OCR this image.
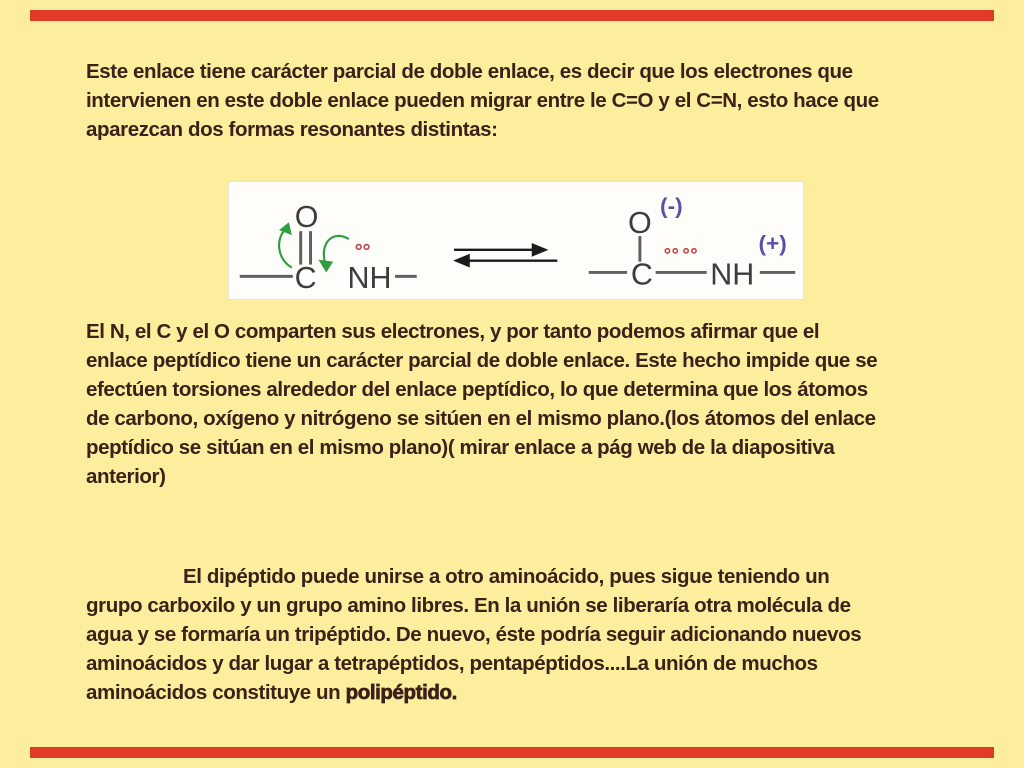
Este enlace tiene carácter parcial de doble enlace, es decir que los electrones que
intervienen en este doble enlace pueden migrar entre le C=O y el C=N, esto hace que
aparezcan dos formas resonantes distintas:

O
C NH
O
(-)
C NH
(+)

El N, el C y el O comparten sus electrones, y por tanto podemos afirmar que el
enlace peptídico tiene un carácter parcial de doble enlace. Este hecho impide que se
efectúen torsiones alrededor del enlace peptídico, lo que determina que los átomos
de carbono, oxígeno y nitrógeno se sitúen en el mismo plano.(los átomos del enlace
peptídico se sitúan en el mismo plano)( mirar enlace a pág web de la diapositiva
anterior)

El dipéptido puede unirse a otro aminoácido, pues sigue teniendo un
grupo carboxilo y un grupo amino libres. En la unión se liberaría otra molécula de
agua y se formaría un tripéptido. De nuevo, éste podría seguir adicionando nuevos
aminoácidos y dar lugar a tetrapéptidos, pentapéptidos....La unión de muchos
aminoácidos constituye un polipéptido.
